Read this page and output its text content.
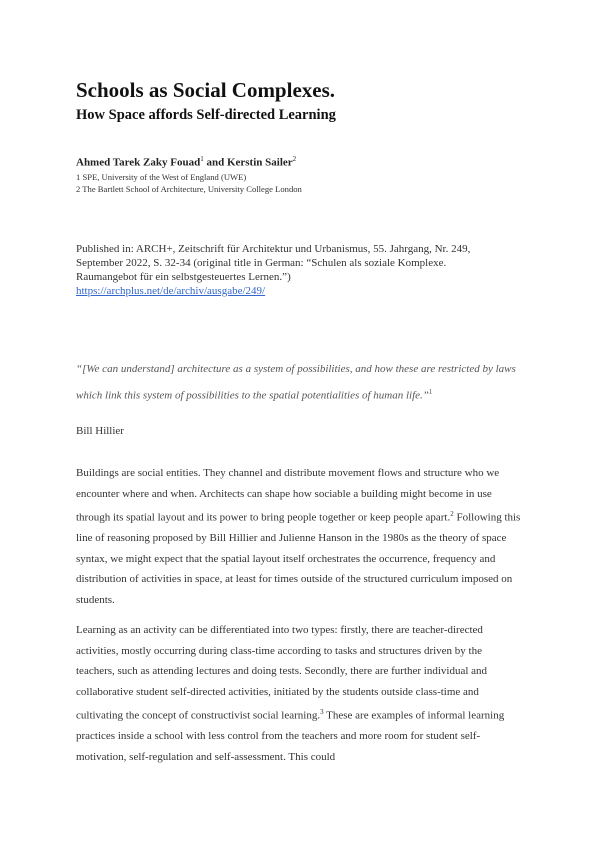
Schools as Social Complexes.
How Space affords Self-directed Learning
Ahmed Tarek Zaky Fouad$^1$ and Kerstin Sailer$^2$
1 SPE, University of the West of England (UWE)
2 The Bartlett School of Architecture, University College London
Published in: ARCH+, Zeitschrift für Architektur und Urbanismus, 55. Jahrgang, Nr. 249, September 2022, S. 32-34 (original title in German: “Schulen als soziale Komplexe. Raumangebot für ein selbstgesteuertes Lernen.”)
https://archplus.net/de/archiv/ausgabe/249/
“[We can understand] architecture as a system of possibilities, and how these are restricted by laws which link this system of possibilities to the spatial potentialities of human life.”$^1$
Bill Hillier

Buildings are social entities. They channel and distribute movement flows and structure who we encounter where and when. Architects can shape how sociable a building might become in use through its spatial layout and its power to bring people together or keep people apart.$^2$ Following this line of reasoning proposed by Bill Hillier and Julienne Hanson in the 1980s as the theory of space syntax, we might expect that the spatial layout itself orchestrates the occurrence, frequency and distribution of activities in space, at least for times outside of the structured curriculum imposed on students.

Learning as an activity can be differentiated into two types: firstly, there are teacher-directed activities, mostly occurring during class-time according to tasks and structures driven by the teachers, such as attending lectures and doing tests. Secondly, there are further individual and collaborative student self-directed activities, initiated by the students outside class-time and cultivating the concept of constructivist social learning.$^3$ These are examples of informal learning practices inside a school with less control from the teachers and more room for student self-motivation, self-regulation and self-assessment. This could
